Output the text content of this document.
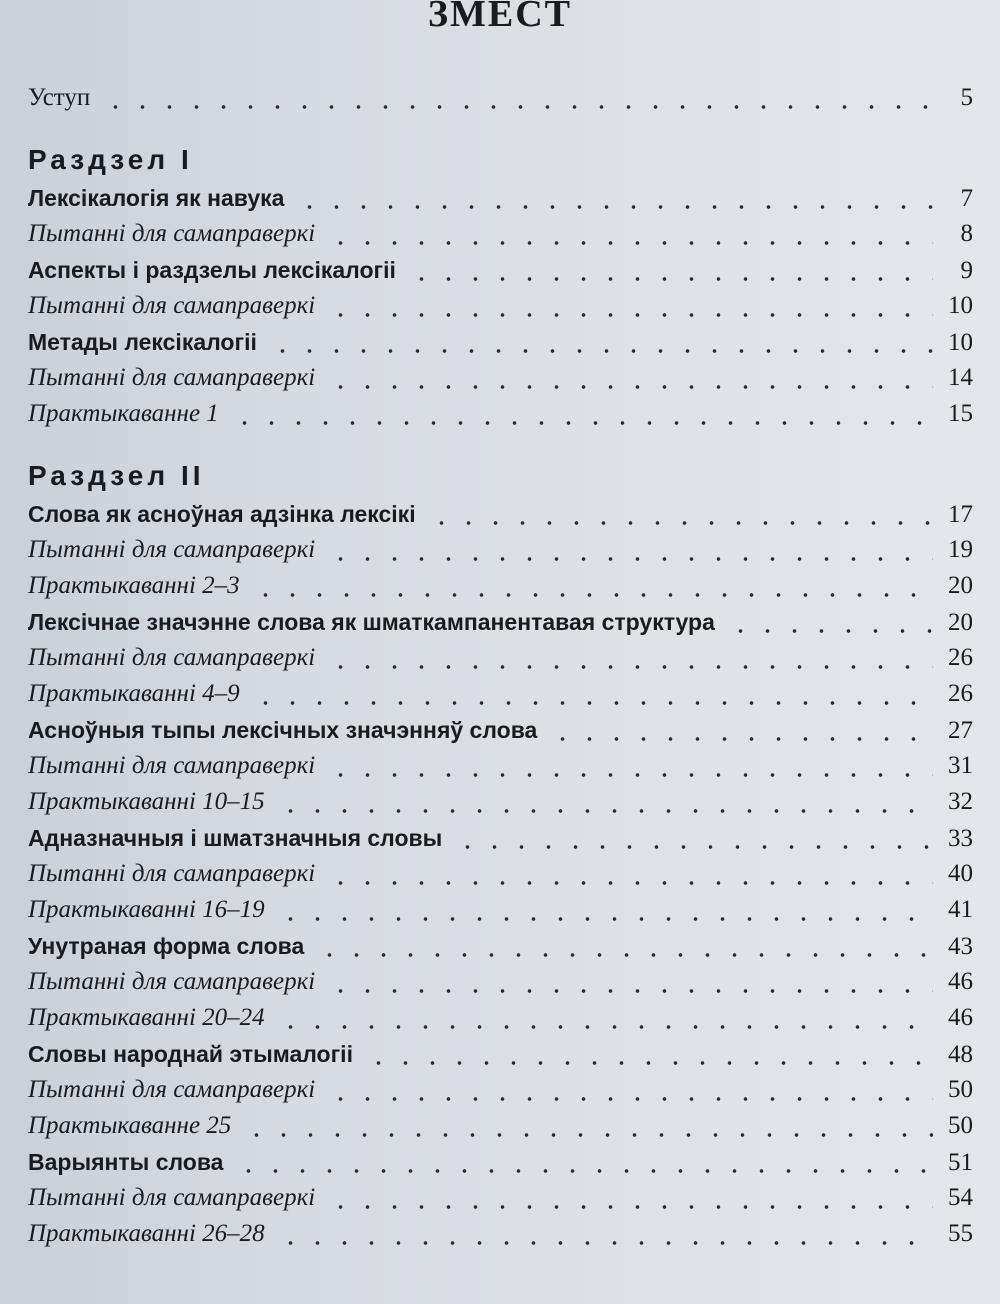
ЗМЕСТ
Уступ	5
Раздзел I
Лексікалогія як навука	7
Пытанні для самаправеркі	8
Аспекты і раздзелы лексікалогіі	9
Пытанні для самаправеркі	10
Метады лексікалогіі	10
Пытанні для самаправеркі	14
Практыкаванне 1	15
Раздзел II
Слова як асноўная адзінка лексікі	17
Пытанні для самаправеркі	19
Практыкаванні 2–3	20
Лексічнае значэнне слова як шматкампанентавая структура	20
Пытанні для самаправеркі	26
Практыкаванні 4–9	26
Асноўныя тыпы лексічных значэнняў слова	27
Пытанні для самаправеркі	31
Практыкаванні 10–15	32
Адназначныя і шматзначныя словы	33
Пытанні для самаправеркі	40
Практыкаванні 16–19	41
Унутраная форма слова	43
Пытанні для самаправеркі	46
Практыкаванні 20–24	46
Словы народнай этымалогіі	48
Пытанні для самаправеркі	50
Практыкаванне 25	50
Варыянты слова	51
Пытанні для самаправеркі	54
Практыкаванні 26–28	55
